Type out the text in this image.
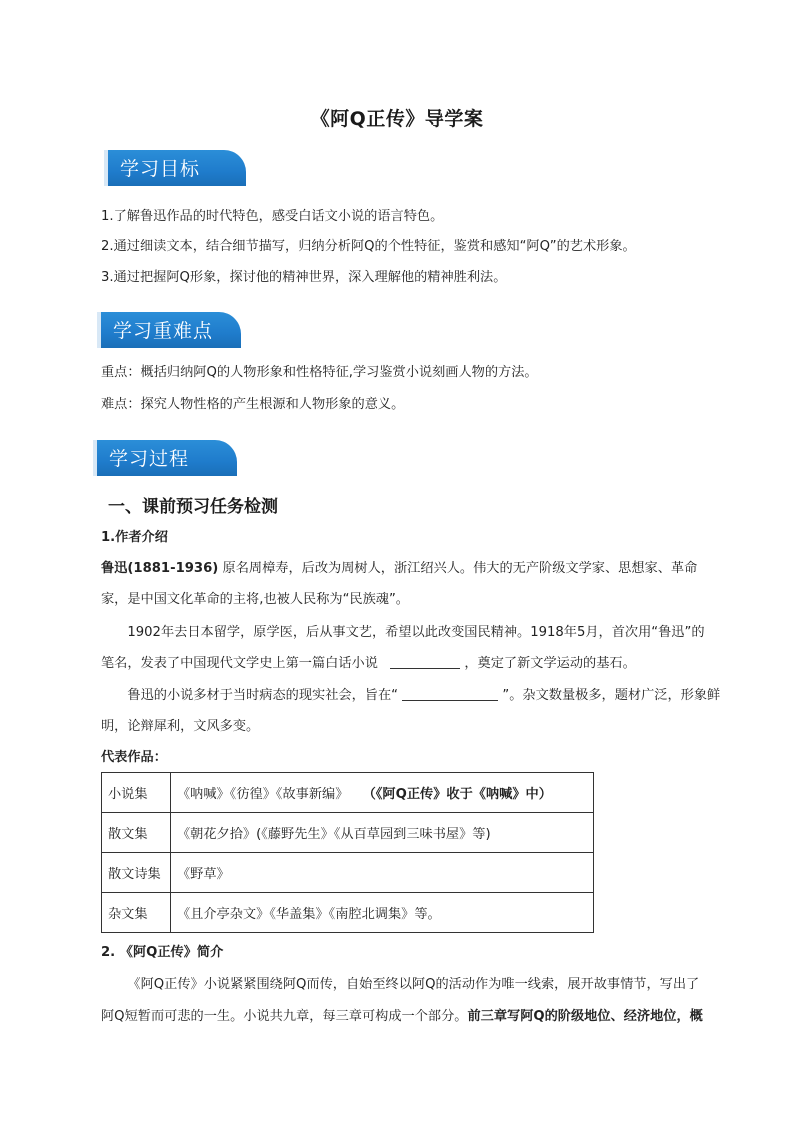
《阿Q正传》导学案
学习目标
1.了解鲁迅作品的时代特色，感受白话文小说的语言特色。
2.通过细读文本，结合细节描写，归纳分析阿Q的个性特征，鉴赏和感知“阿Q”的艺术形象。
3.通过把握阿Q形象，探讨他的精神世界，深入理解他的精神胜利法。
学习重难点
重点：概括归纳阿Q的人物形象和性格特征,学习鉴赏小说刻画人物的方法。
难点：探究人物性格的产生根源和人物形象的意义。
学习过程
一、课前预习任务检测
1.作者介绍
鲁迅(1881-1936) 原名周樟寿，后改为周树人，浙江绍兴人。伟大的无产阶级文学家、思想家、革命
家，是中国文化革命的主将,也被人民称为“民族魂”。
1902年去日本留学，原学医，后从事文艺，希望以此改变国民精神。1918年5月，首次用“鲁迅”的
笔名，发表了中国现代文学史上第一篇白话小说	，奠定了新文学运动的基石。
鲁迅的小说多材于当时病态的现实社会，旨在“	”。杂文数量极多，题材广泛，形象鲜
明，论辩犀利，文风多变。
代表作品：
小说集	《呐喊》《彷徨》《故事新编》 （《阿Q正传》收于《呐喊》中）
散文集	《朝花夕拾》(《藤野先生》《从百草园到三味书屋》等)
散文诗集	《野草》
杂文集	《且介亭杂文》《华盖集》《南腔北调集》等。
2. 《阿Q正传》简介
《阿Q正传》小说紧紧围绕阿Q而传，自始至终以阿Q的活动作为唯一线索，展开故事情节，写出了
阿Q短暂而可悲的一生。小说共九章，每三章可构成一个部分。前三章写阿Q的阶级地位、经济地位，概
